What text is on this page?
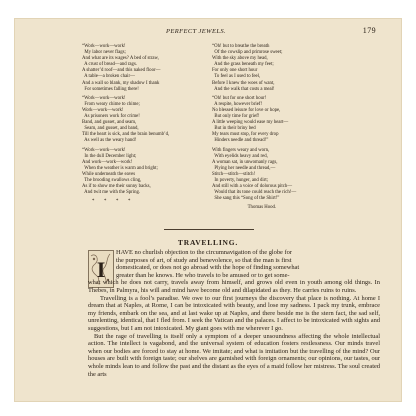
PERFECT JEWELS.	179
“Work—work—work!
My labor never flags;
And what are its wages? A bed of straw,
A crust of bread—and rags.
A shatter’d roof—and this naked floor—
A table—a broken chair—
And a wall so blank, my shadow I thank
For sometimes falling there!
“Work—work—work!
From weary chime to chime;
Work—work—work!
As prisoners work for crime!
Band, and gusset, and seam,
Seam, and gusset, and band,
Till the heart is sick, and the brain benumb’d,
As well as the weary hand!
“Work—work—work!
In the dull December light;
And work—work—work!
When the weather is warm and bright;
While underneath the eaves
The brooding swallows cling,
As if to show me their sunny backs,
And twit me with the Spring.
*        *        *        *
“Oh! but to breathe the breath
Of the cowslip and primrose sweet;
With the sky above my head,
And the grass beneath my feet;
For only one short hour
To feel as I used to feel,
Before I knew the woes of want,
And the walk that costs a meal!
“Oh! but for one short hour!
A respite, however brief!
No blessed leisure for love or hope,
But only time for grief!
A little weeping would ease my heart—
But in their briny bed
My tears must stop, for every drop
Hinders needle and thread!”
With fingers weary and worn,
With eyelids heavy and red,
A woman sat, in unwomanly rags,
Plying her needle and thread,—
Stitch—stitch—stitch!
In poverty, hunger, and dirt;
And still with a voice of dolorous pitch—
Would that its tone could reach the rich!—
She sang this “Song of the Shirt!”
Thomas Hood.
TRAVELLING.
I

HAVE no churlish objection to the circumnavigation of the globe for
the purposes of art, of study and benevolence, so that the man is first
domesticated, or does not go abroad with the hope of finding somewhat
greater than he knows. He who travels to be amused or to get some-
what which he does not carry, travels away from himself, and grows old even in youth among old things. In Thebes, in Palmyra, his will and mind have become old and dilapidated as they. He carries ruins to ruins.

Travelling is a fool’s paradise. We owe to our first journeys the discovery that place is nothing. At home I dream that at Naples, at Rome, I can be intoxicated with beauty, and lose my sadness. I pack my trunk, embrace my friends, embark on the sea, and at last wake up at Naples, and there beside me is the stern fact, the sad self, unrelenting, identical, that I fled from. I seek the Vatican and the palaces. I affect to be intoxicated with sights and suggestions, but I am not intoxicated. My giant goes with me wherever I go.

But the rage of travelling is itself only a symptom of a deeper unsoundness affecting the whole intellectual action. The intellect is vagabond, and the universal system of education fosters restlessness. Our minds travel when our bodies are forced to stay at home. We imitate; and what is imitation but the travelling of the mind? Our houses are built with foreign taste; our shelves are garnished with foreign ornaments; our opinions, our tastes, our whole minds lean to and follow the past and the distant as the eyes of a maid follow her mistress. The soul created the arts
